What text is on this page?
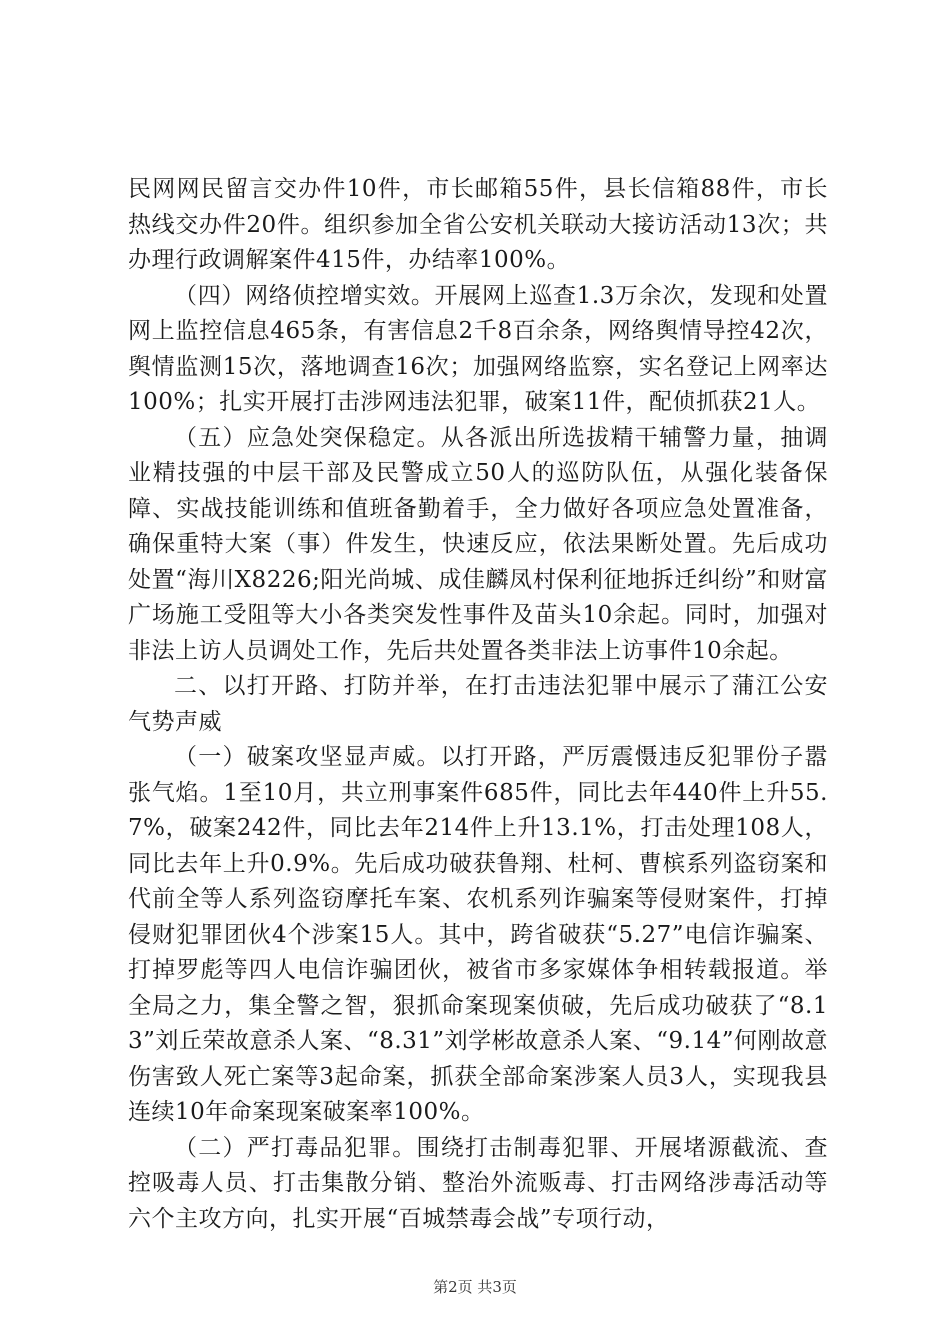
民网网民留言交办件10件，市长邮箱55件，县长信箱88件，市长热线交办件20件。组织参加全省公安机关联动大接访活动13次；共办理行政调解案件415件，办结率100%。

（四）网络侦控增实效。开展网上巡查1.3万余次，发现和处置网上监控信息465条，有害信息2千8百余条，网络舆情导控42次，舆情监测15次，落地调查16次；加强网络监察，实名登记上网率达100%；扎实开展打击涉网违法犯罪，破案11件，配侦抓获21人。

（五）应急处突保稳定。从各派出所选拔精干辅警力量，抽调业精技强的中层干部及民警成立50人的巡防队伍，从强化装备保障、实战技能训练和值班备勤着手，全力做好各项应急处置准备，确保重特大案（事）件发生，快速反应，依法果断处置。先后成功处置“海川X8226;阳光尚城、成佳麟凤村保利征地拆迁纠纷”和财富广场施工受阻等大小各类突发性事件及苗头10余起。同时，加强对非法上访人员调处工作，先后共处置各类非法上访事件10余起。

二、以打开路、打防并举，在打击违法犯罪中展示了蒲江公安气势声威

（一）破案攻坚显声威。以打开路，严厉震慑违反犯罪份子嚣张气焰。1至10月，共立刑事案件685件，同比去年440件上升55.7%，破案242件，同比去年214件上升13.1%，打击处理108人，同比去年上升0.9%。先后成功破获鲁翔、杜柯、曹槟系列盗窃案和代前全等人系列盗窃摩托车案、农机系列诈骗案等侵财案件，打掉侵财犯罪团伙4个涉案15人。其中，跨省破获“5.27”电信诈骗案、打掉罗彪等四人电信诈骗团伙，被省市多家媒体争相转载报道。举全局之力，集全警之智，狠抓命案现案侦破，先后成功破获了“8.13”刘丘荣故意杀人案、“8.31”刘学彬故意杀人案、“9.14”何刚故意伤害致人死亡案等3起命案，抓获全部命案涉案人员3人，实现我县连续10年命案现案破案率100%。

（二）严打毒品犯罪。围绕打击制毒犯罪、开展堵源截流、查控吸毒人员、打击集散分销、整治外流贩毒、打击网络涉毒活动等六个主攻方向，扎实开展“百城禁毒会战”专项行动，

第2页 共3页
